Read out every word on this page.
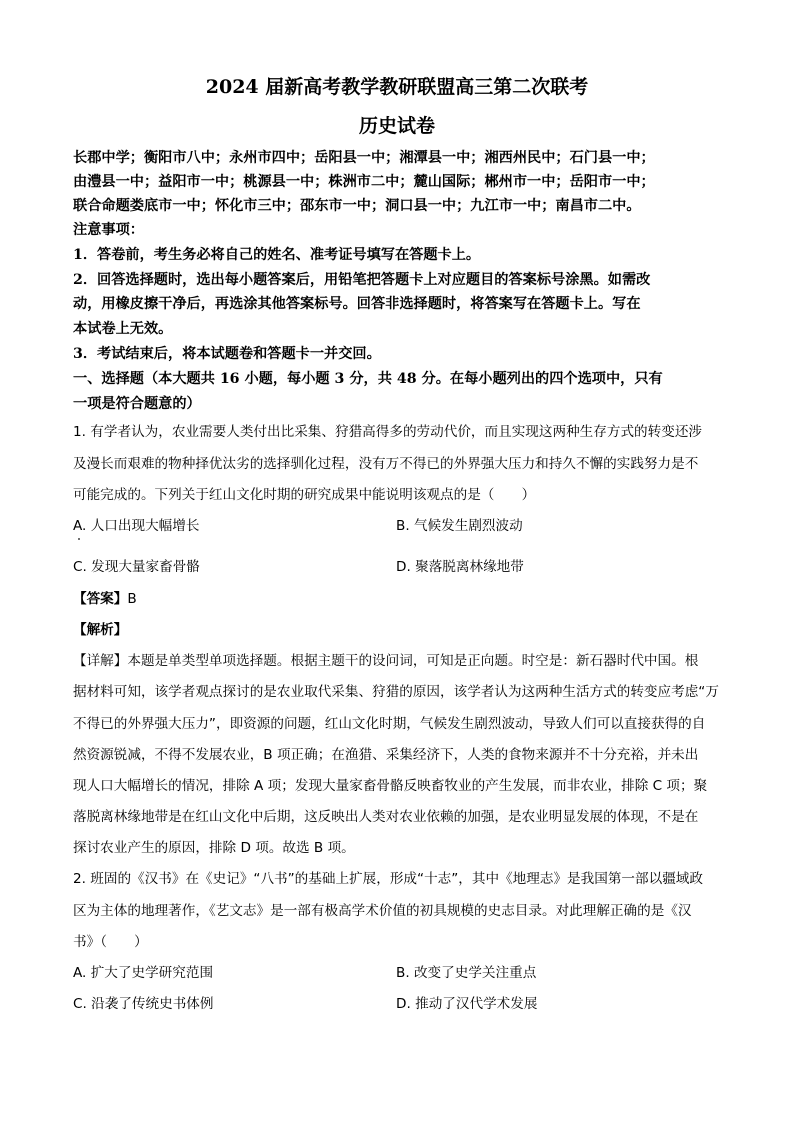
2024 届新高考教学教研联盟高三第二次联考
历史试卷
长郡中学；衡阳市八中；永州市四中；岳阳县一中；湘潭县一中；湘西州民中；石门县一中；
由澧县一中；益阳市一中；桃源县一中；株洲市二中；麓山国际；郴州市一中；岳阳市一中；
联合命题娄底市一中；怀化市三中；邵东市一中；洞口县一中；九江市一中；南昌市二中。
注意事项：
1．答卷前，考生务必将自己的姓名、准考证号填写在答题卡上。
2．回答选择题时，选出每小题答案后，用铅笔把答题卡上对应题目的答案标号涂黑。如需改
动，用橡皮擦干净后，再选涂其他答案标号。回答非选择题时，将答案写在答题卡上。写在
本试卷上无效。
3．考试结束后，将本试题卷和答题卡一并交回。
一、选择题（本大题共 16 小题，每小题 3 分，共 48 分。在每小题列出的四个选项中，只有
一项是符合题意的）
1. 有学者认为，农业需要人类付出比采集、狩猎高得多的劳动代价，而且实现这两种生存方式的转变还涉
及漫长而艰难的物种择优汰劣的选择驯化过程，没有万不得已的外界强大压力和持久不懈的实践努力是不
可能完成的。下列关于红山文化时期的研究成果中能说明该观点的是（　　）
A. 人口出现大幅增长	B. 气候发生剧烈波动
C. 发现大量家畜骨骼	D. 聚落脱离林缘地带
【答案】B
【解析】
【详解】本题是单类型单项选择题。根据主题干的设问词，可知是正向题。时空是：新石器时代中国。根
据材料可知，该学者观点探讨的是农业取代采集、狩猎的原因，该学者认为这两种生活方式的转变应考虑“万
不得已的外界强大压力”，即资源的问题，红山文化时期，气候发生剧烈波动，导致人们可以直接获得的自
然资源锐减，不得不发展农业，B 项正确；在渔猎、采集经济下，人类的食物来源并不十分充裕，并未出
现人口大幅增长的情况，排除 A 项；发现大量家畜骨骼反映畜牧业的产生发展，而非农业，排除 C 项；聚
落脱离林缘地带是在红山文化中后期，这反映出人类对农业依赖的加强，是农业明显发展的体现，不是在
探讨农业产生的原因，排除 D 项。故选 B 项。
2. 班固的《汉书》在《史记》“八书”的基础上扩展，形成“十志”，其中《地理志》是我国第一部以疆域政
区为主体的地理著作，《艺文志》是一部有极高学术价值的初具规模的史志目录。对此理解正确的是《汉
书》（　　）
A. 扩大了史学研究范围	B. 改变了史学关注重点
C. 沿袭了传统史书体例	D. 推动了汉代学术发展
